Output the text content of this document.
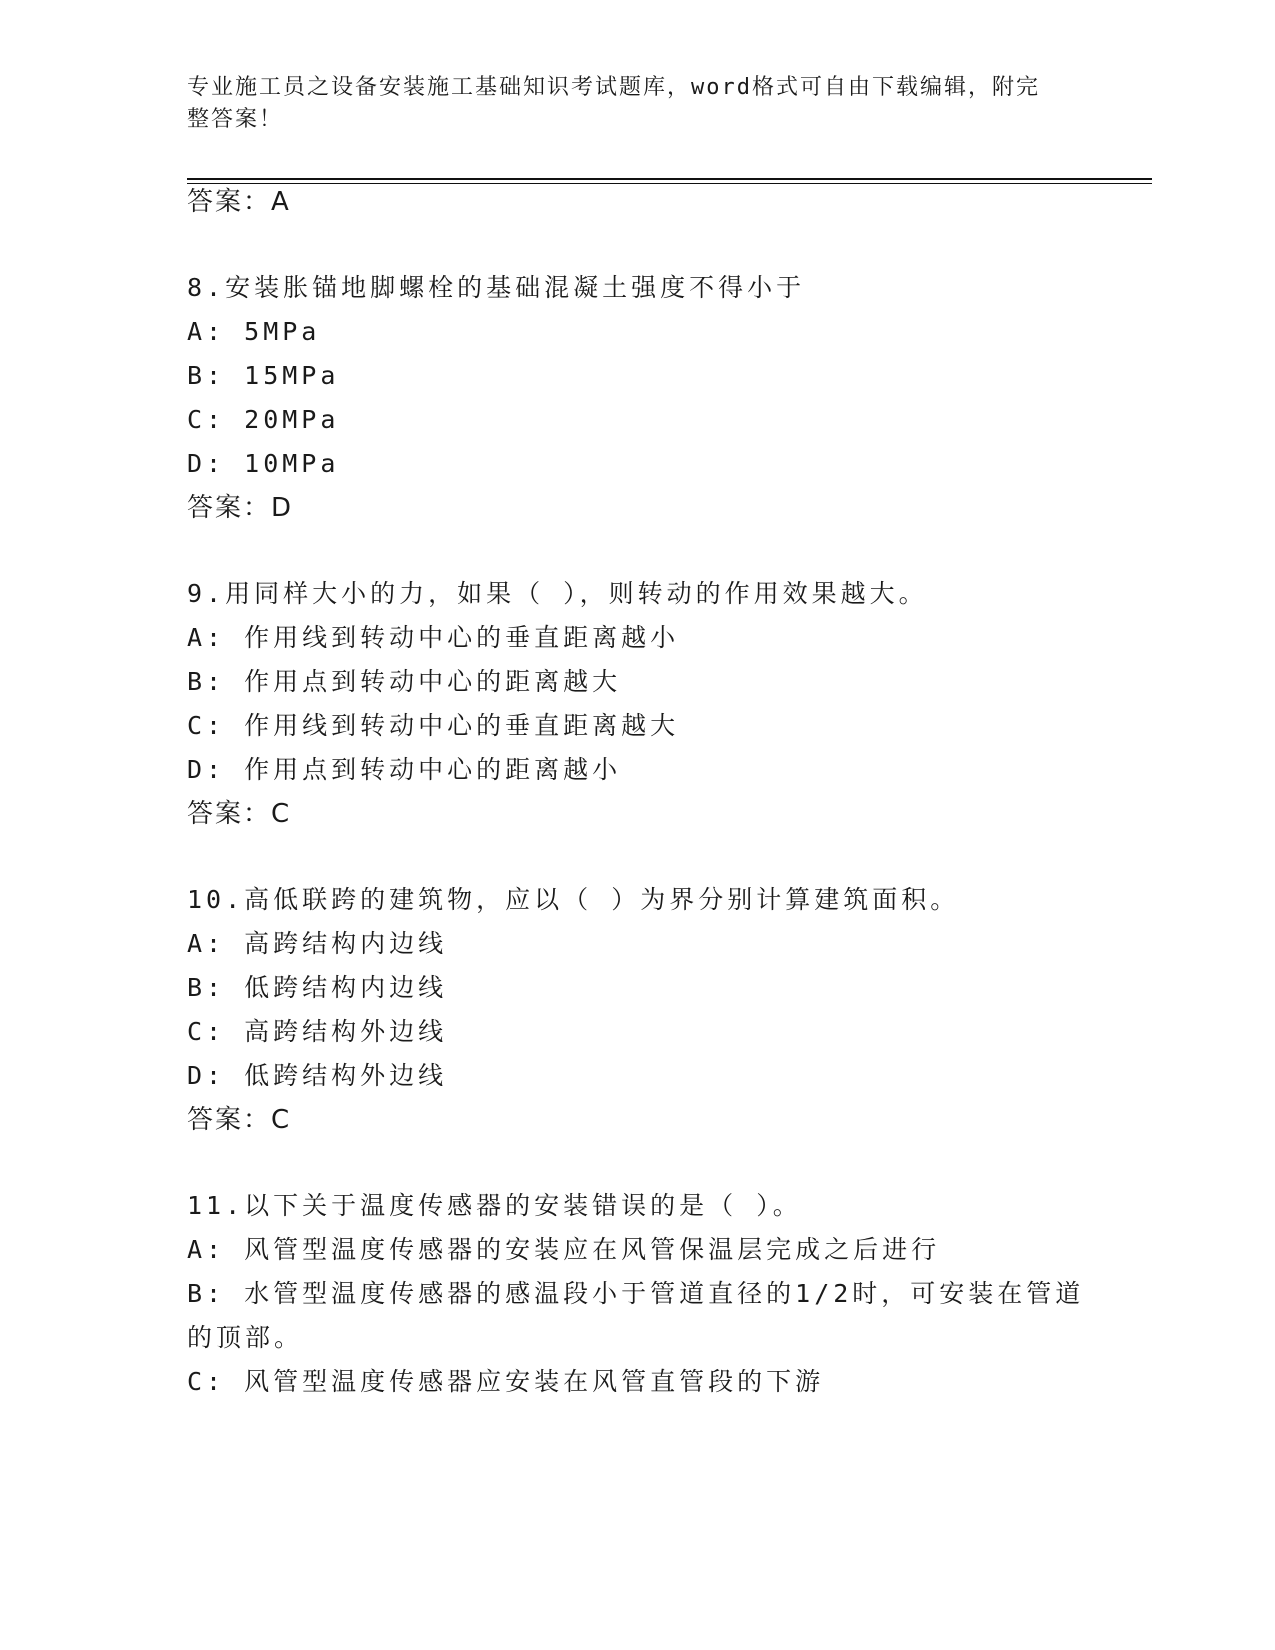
专业施工员之设备安装施工基础知识考试题库，word格式可自由下载编辑，附完
整答案！
答案：A
8.安装胀锚地脚螺栓的基础混凝土强度不得小于
A: 5MPa
B: 15MPa
C: 20MPa
D: 10MPa
答案：D
9.用同样大小的力，如果（ ），则转动的作用效果越大。
A: 作用线到转动中心的垂直距离越小
B: 作用点到转动中心的距离越大
C: 作用线到转动中心的垂直距离越大
D: 作用点到转动中心的距离越小
答案：C
10.高低联跨的建筑物，应以（ ）为界分别计算建筑面积。
A: 高跨结构内边线
B: 低跨结构内边线
C: 高跨结构外边线
D: 低跨结构外边线
答案：C
11.以下关于温度传感器的安装错误的是（ ）。
A: 风管型温度传感器的安装应在风管保温层完成之后进行
B: 水管型温度传感器的感温段小于管道直径的1/2时，可安装在管道
的顶部。
C: 风管型温度传感器应安装在风管直管段的下游
